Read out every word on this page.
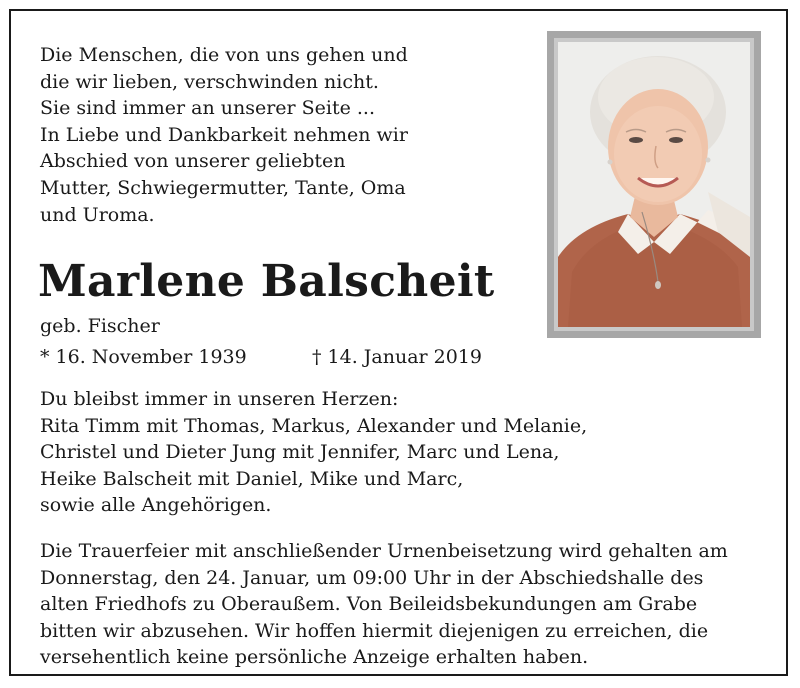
Die Menschen, die von uns gehen und
die wir lieben, verschwinden nicht.
Sie sind immer an unserer Seite ...
In Liebe und Dankbarkeit nehmen wir
Abschied von unserer geliebten
Mutter, Schwiegermutter, Tante, Oma
und Uroma.

Marlene Balscheit
geb. Fischer
* 16. November 1939	† 14. Januar 2019
Du bleibst immer in unseren Herzen:
Rita Timm mit Thomas, Markus, Alexander und Melanie,
Christel und Dieter Jung mit Jennifer, Marc und Lena,
Heike Balscheit mit Daniel, Mike und Marc,
sowie alle Angehörigen.
Die Trauerfeier mit anschließender Urnenbeisetzung wird gehalten am
Donnerstag, den 24. Januar, um 09:00 Uhr in der Abschiedshalle des
alten Friedhofs zu Oberaußem. Von Beileidsbekundungen am Grabe
bitten wir abzusehen. Wir hoffen hiermit diejenigen zu erreichen, die
versehentlich keine persönliche Anzeige erhalten haben.
